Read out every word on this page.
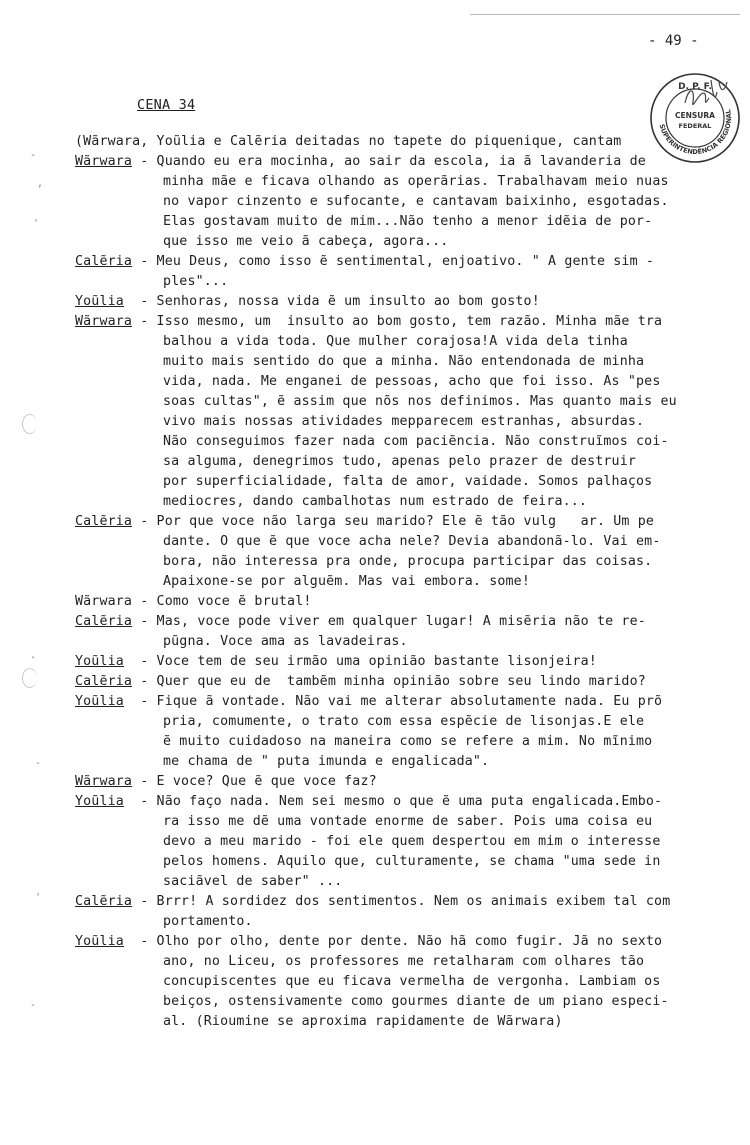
- 49 -
CENA 34
D. P. F.
CENSURA
FEDERAL
SUPERINTENDÊNCIA REGIONAL
(Wãrwara, Yoũlia e Calẽria deitadas no tapete do piquenique, cantam
Wãrwara - Quando eu era mocinha, ao sair da escola, ia ã lavanderia de
minha mãe e ficava olhando as operãrias. Trabalhavam meio nuas
no vapor cinzento e sufocante, e cantavam baixinho, esgotadas.
Elas gostavam muito de mim...Não tenho a menor idẽia de por-
que isso me veio ã cabeça, agora...
Calẽria - Meu Deus, como isso ẽ sentimental, enjoativo. " A gente sim -
ples"...
Yoũlia  - Senhoras, nossa vida ẽ um insulto ao bom gosto!
Wãrwara - Isso mesmo, um  insulto ao bom gosto, tem razão. Minha mãe tra
balhou a vida toda. Que mulher corajosa!A vida dela tinha
muito mais sentido do que a minha. Não entendonada de minha
vida, nada. Me enganei de pessoas, acho que foi isso. As "pes
soas cultas", ẽ assim que nõs nos definimos. Mas quanto mais eu
vivo mais nossas atividades mepparecem estranhas, absurdas.
Não conseguimos fazer nada com paciẽncia. Não construĩmos coi-
sa alguma, denegrimos tudo, apenas pelo prazer de destruir
por superficialidade, falta de amor, vaidade. Somos palhaços
mediocres, dando cambalhotas num estrado de feira...
Calẽria - Por que voce não larga seu marido? Ele ẽ tão vulg   ar. Um pe
dante. O que ẽ que voce acha nele? Devia abandonã-lo. Vai em-
bora, não interessa pra onde, procupa participar das coisas.
Apaixone-se por alguẽm. Mas vai embora. some!
Wãrwara - Como voce ẽ brutal!
Calẽria - Mas, voce pode viver em qualquer lugar! A misẽria não te re-
pũgna. Voce ama as lavadeiras.
Yoũlia  - Voce tem de seu irmão uma opinião bastante lisonjeira!
Calẽria - Quer que eu de  tambẽm minha opinião sobre seu lindo marido?
Yoũlia  - Fique ã vontade. Não vai me alterar absolutamente nada. Eu prõ
pria, comumente, o trato com essa espẽcie de lisonjas.E ele
ẽ muito cuidadoso na maneira como se refere a mim. No mĩnimo
me chama de " puta imunda e engalicada".
Wãrwara - E voce? Que ẽ que voce faz?
Yoũlia  - Não faço nada. Nem sei mesmo o que ẽ uma puta engalicada.Embo-
ra isso me dẽ uma vontade enorme de saber. Pois uma coisa eu
devo a meu marido - foi ele quem despertou em mim o interesse
pelos homens. Aquilo que, culturamente, se chama "uma sede in
saciãvel de saber" ...
Calẽria - Brrr! A sordidez dos sentimentos. Nem os animais exibem tal com
portamento.
Yoũlia  - Olho por olho, dente por dente. Não hã como fugir. Jã no sexto
ano, no Liceu, os professores me retalharam com olhares tão
concupiscentes que eu ficava vermelha de vergonha. Lambiam os
beiços, ostensivamente como gourmes diante de um piano especi-
al. (Rioumine se aproxima rapidamente de Wãrwara)
-
,
'
.
-
'
-
